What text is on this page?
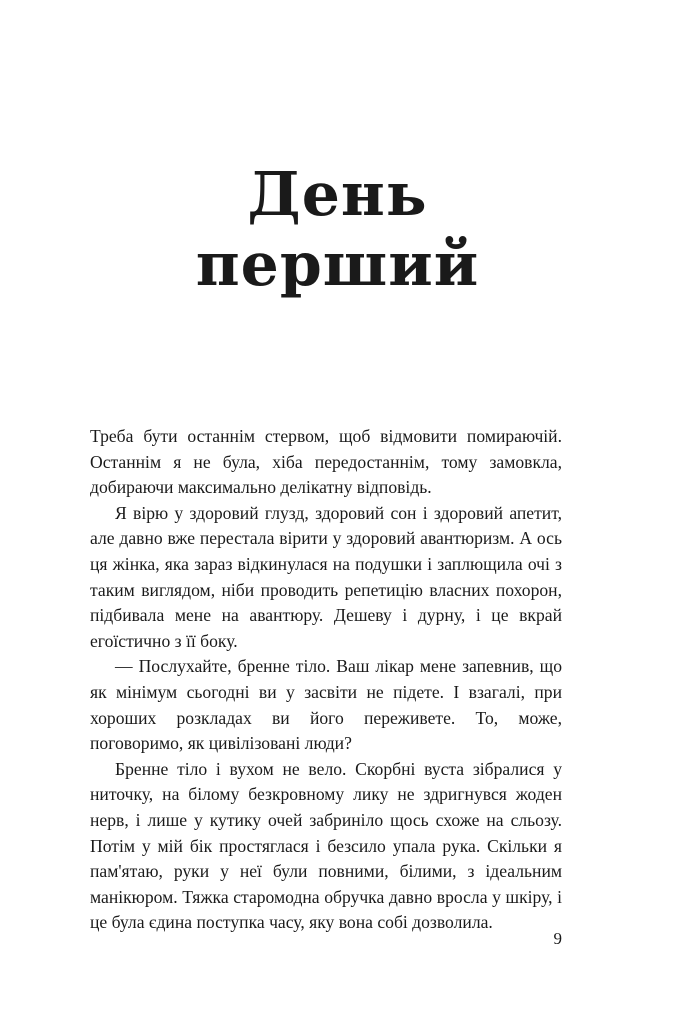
День
перший

Треба бути останнім стервом, щоб відмовити помираючій. Останнім я не була, хіба передостаннім, тому замовкла, добираючи максимально делікатну відповідь.

Я вірю у здоровий глузд, здоровий сон і здоровий апетит, але давно вже перестала вірити у здоровий авантюризм. А ось ця жінка, яка зараз відкинулася на подушки і заплющила очі з таким виглядом, ніби проводить репетицію власних похорон, підбивала мене на авантюру. Дешеву і дурну, і це вкрай егоїстично з її боку.

— Послухайте, бренне тіло. Ваш лікар мене запевнив, що як мінімум сьогодні ви у засвіти не підете. І взагалі, при хороших розкладах ви його переживете. То, може, поговоримо, як цивілізовані люди?

Бренне тіло і вухом не вело. Скорбні вуста зібралися у ниточку, на білому безкровному лику не здригнувся жоден нерв, і лише у кутику очей забриніло щось схоже на сльозу. Потім у мій бік простяглася і безсило упала рука. Скільки я пам'ятаю, руки у неї були повними, білими, з ідеальним манікюром. Тяжка старомодна обручка давно вросла у шкіру, і це була єдина поступка часу, яку вона собі дозволила.

9
